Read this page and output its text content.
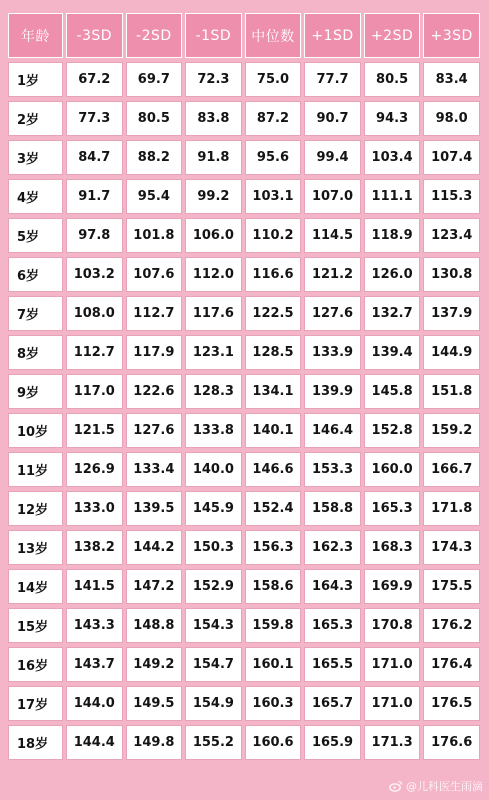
年龄	-3SD	-2SD	-1SD	中位数	+1SD	+2SD	+3SD
1岁	67.2	69.7	72.3	75.0	77.7	80.5	83.4
2岁	77.3	80.5	83.8	87.2	90.7	94.3	98.0
3岁	84.7	88.2	91.8	95.6	99.4	103.4	107.4
4岁	91.7	95.4	99.2	103.1	107.0	111.1	115.3
5岁	97.8	101.8	106.0	110.2	114.5	118.9	123.4
6岁	103.2	107.6	112.0	116.6	121.2	126.0	130.8
7岁	108.0	112.7	117.6	122.5	127.6	132.7	137.9
8岁	112.7	117.9	123.1	128.5	133.9	139.4	144.9
9岁	117.0	122.6	128.3	134.1	139.9	145.8	151.8
10岁	121.5	127.6	133.8	140.1	146.4	152.8	159.2
11岁	126.9	133.4	140.0	146.6	153.3	160.0	166.7
12岁	133.0	139.5	145.9	152.4	158.8	165.3	171.8
13岁	138.2	144.2	150.3	156.3	162.3	168.3	174.3
14岁	141.5	147.2	152.9	158.6	164.3	169.9	175.5
15岁	143.3	148.8	154.3	159.8	165.3	170.8	176.2
16岁	143.7	149.2	154.7	160.1	165.5	171.0	176.4
17岁	144.0	149.5	154.9	160.3	165.7	171.0	176.5
18岁	144.4	149.8	155.2	160.6	165.9	171.3	176.6
@儿科医生雨滴
